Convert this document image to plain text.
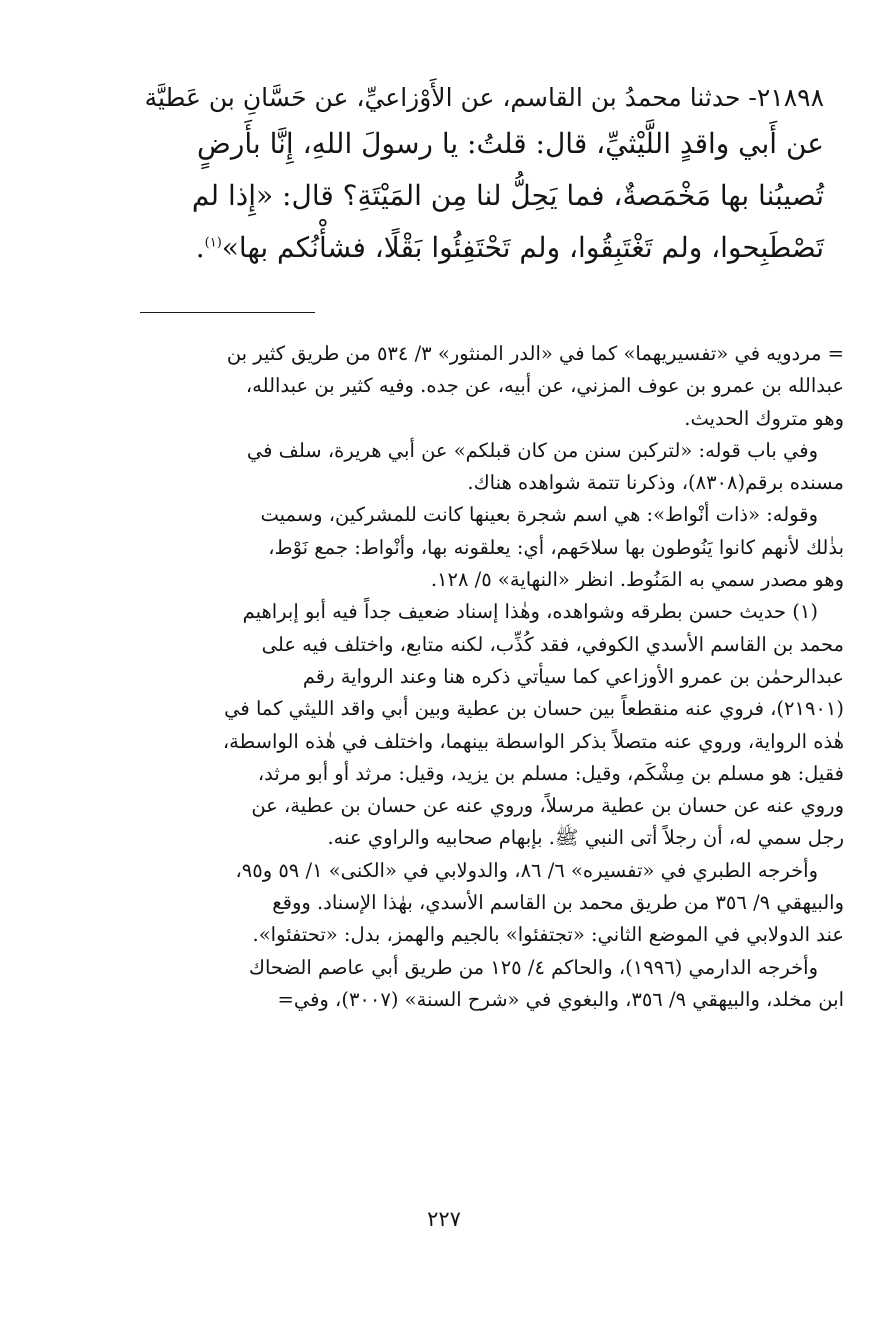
٢١٨٩٨- حدثنا محمدُ بن القاسم، عن الأَوْزاعيِّ، عن حَسَّانِ بن عَطيَّة
عن أَبي واقدٍ اللَّيْثيِّ، قال: قلتُ: يا رسولَ اللهِ، إِنَّا بأَرضٍ
تُصيبُنا بها مَخْمَصةٌ، فما يَحِلُّ لنا مِن المَيْتَةِ؟ قال: «إِذا لم
تَصْطَبِحوا، ولم تَغْتَبِقُوا، ولم تَحْتَفِئُوا بَقْلًا، فشأْنُكم بها»$^{(١)}$.

= مردويه في «تفسيريهما» كما في «الدر المنثور» ٣/ ٥٣٤ من طريق كثير بن
عبدالله بن عمرو بن عوف المزني، عن أبيه، عن جده. وفيه كثير بن عبدالله،
وهو متروك الحديث.

وفي باب قوله: «لتركبن سنن من كان قبلكم» عن أبي هريرة، سلف في
مسنده برقم(٨٣٠٨)، وذكرنا تتمة شواهده هناك.

وقوله: «ذات أنْواط»: هي اسم شجرة بعينها كانت للمشركين، وسميت
بذٰلك لأنهم كانوا يَنُوطون بها سلاحَهم، أي: يعلقونه بها، وأنْواط: جمع نَوْط،
وهو مصدر سمي به المَنُوط. انظر «النهاية» ٥/ ١٢٨.

(١) حديث حسن بطرقه وشواهده، وهٰذا إسناد ضعيف جداً فيه أبو إبراهيم
محمد بن القاسم الأسدي الكوفي، فقد كُذِّب، لكنه متابع، واختلف فيه على
عبدالرحمٰن بن عمرو الأوزاعي كما سيأتي ذكره هنا وعند الرواية رقم
(٢١٩٠١)، فروي عنه منقطعاً بين حسان بن عطية وبين أبي واقد الليثي كما في
هٰذه الرواية، وروي عنه متصلاً بذكر الواسطة بينهما، واختلف في هٰذه الواسطة،
فقيل: هو مسلم بن مِشْكَم، وقيل: مسلم بن يزيد، وقيل: مرثد أو أبو مرثد،
وروي عنه عن حسان بن عطية مرسلاً، وروي عنه عن حسان بن عطية، عن
رجل سمي له، أن رجلاً أتى النبي ﷺ. بإبهام صحابيه والراوي عنه.

وأخرجه الطبري في «تفسيره» ٦/ ٨٦، والدولابي في «الكنى» ١/ ٥٩ و٩٥،
والبيهقي ٩/ ٣٥٦ من طريق محمد بن القاسم الأسدي، بهٰذا الإسناد. ووقع
عند الدولابي في الموضع الثاني: «تجتفئوا» بالجيم والهمز، بدل: «تحتفئوا».

وأخرجه الدارمي (١٩٩٦)، والحاكم ٤/ ١٢٥ من طريق أبي عاصم الضحاك
ابن مخلد، والبيهقي ٩/ ٣٥٦، والبغوي في «شرح السنة» (٣٠٠٧)، وفي=

٢٢٧
